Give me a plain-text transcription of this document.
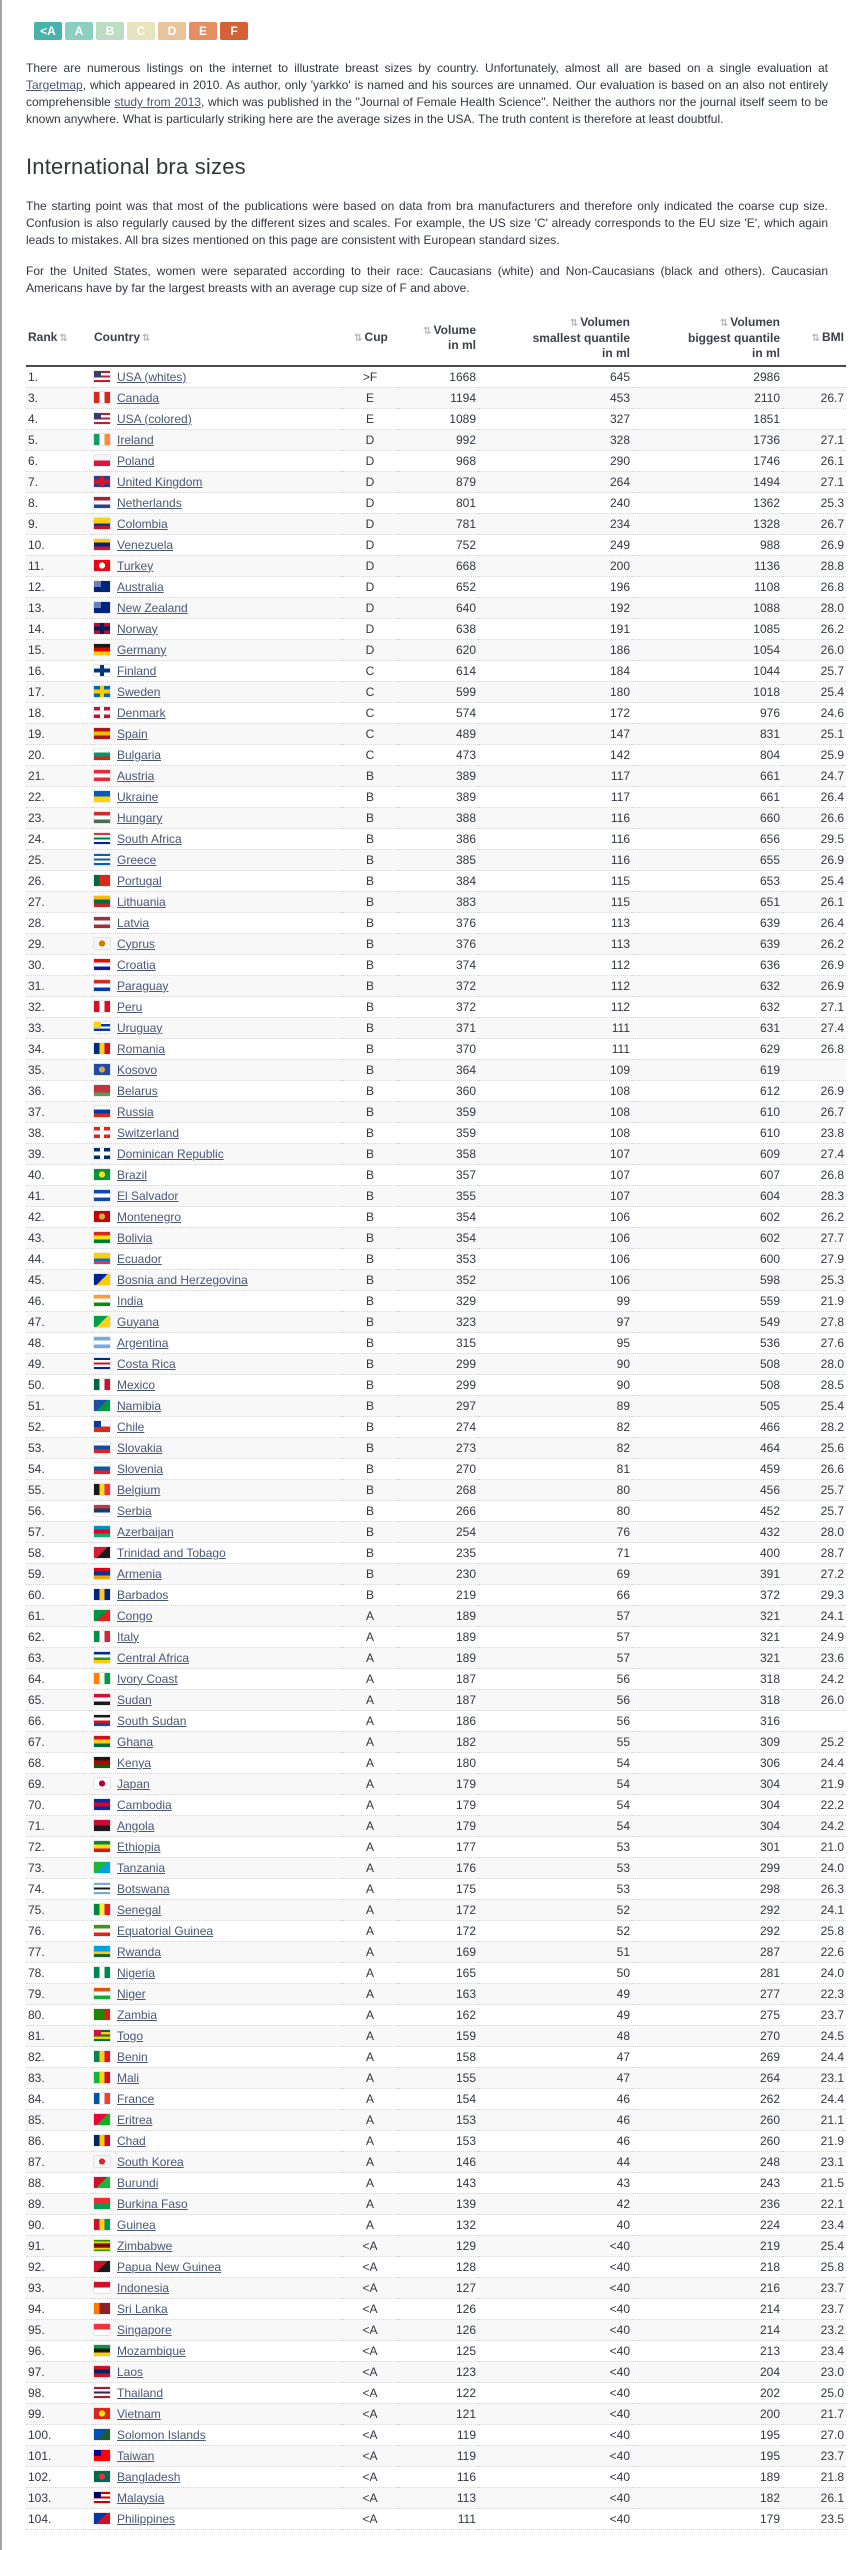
<A A B C D E F

There are numerous listings on the internet to illustrate breast sizes by country. Unfortunately, almost all are based on a single evaluation at Targetmap, which appeared in 2010. As author, only 'yarkko' is named and his sources are unnamed. Our evaluation is based on an also not entirely comprehensible study from 2013, which was published in the "Journal of Female Health Science". Neither the authors nor the journal itself seem to be known anywhere. What is particularly striking here are the average sizes in the USA. The truth content is therefore at least doubtful.

International bra sizes

The starting point was that most of the publications were based on data from bra manufacturers and therefore only indicated the coarse cup size. Confusion is also regularly caused by the different sizes and scales. For example, the US size 'C' already corresponds to the EU size 'E', which again leads to mistakes. All bra sizes mentioned on this page are consistent with European standard sizes.

For the United States, women were separated according to their race: Caucasians (white) and Non-Caucasians (black and others). Caucasian Americans have by far the largest breasts with an average cup size of F and above.

Rank ⇅	Country ⇅	⇅ Cup	⇅ Volume
in ml	⇅ Volumen
smallest quantile
in ml	⇅ Volumen
biggest quantile
in ml	⇅ BMI
1.	USA (whites)	>F	1668	645	2986	
3.	Canada	E	1194	453	2110	26.7
4.	USA (colored)	E	1089	327	1851	
5.	Ireland	D	992	328	1736	27.1
6.	Poland	D	968	290	1746	26.1
7.	United Kingdom	D	879	264	1494	27.1
8.	Netherlands	D	801	240	1362	25.3
9.	Colombia	D	781	234	1328	26.7
10.	Venezuela	D	752	249	988	26.9
11.	Turkey	D	668	200	1136	28.8
12.	Australia	D	652	196	1108	26.8
13.	New Zealand	D	640	192	1088	28.0
14.	Norway	D	638	191	1085	26.2
15.	Germany	D	620	186	1054	26.0
16.	Finland	C	614	184	1044	25.7
17.	Sweden	C	599	180	1018	25.4
18.	Denmark	C	574	172	976	24.6
19.	Spain	C	489	147	831	25.1
20.	Bulgaria	C	473	142	804	25.9
21.	Austria	B	389	117	661	24.7
22.	Ukraine	B	389	117	661	26.4
23.	Hungary	B	388	116	660	26.6
24.	South Africa	B	386	116	656	29.5
25.	Greece	B	385	116	655	26.9
26.	Portugal	B	384	115	653	25.4
27.	Lithuania	B	383	115	651	26.1
28.	Latvia	B	376	113	639	26.4
29.	Cyprus	B	376	113	639	26.2
30.	Croatia	B	374	112	636	26.9
31.	Paraguay	B	372	112	632	26.9
32.	Peru	B	372	112	632	27.1
33.	Uruguay	B	371	111	631	27.4
34.	Romania	B	370	111	629	26.8
35.	Kosovo	B	364	109	619	
36.	Belarus	B	360	108	612	26.9
37.	Russia	B	359	108	610	26.7
38.	Switzerland	B	359	108	610	23.8
39.	Dominican Republic	B	358	107	609	27.4
40.	Brazil	B	357	107	607	26.8
41.	El Salvador	B	355	107	604	28.3
42.	Montenegro	B	354	106	602	26.2
43.	Bolivia	B	354	106	602	27.7
44.	Ecuador	B	353	106	600	27.9
45.	Bosnia and Herzegovina	B	352	106	598	25.3
46.	India	B	329	99	559	21.9
47.	Guyana	B	323	97	549	27.8
48.	Argentina	B	315	95	536	27.6
49.	Costa Rica	B	299	90	508	28.0
50.	Mexico	B	299	90	508	28.5
51.	Namibia	B	297	89	505	25.4
52.	Chile	B	274	82	466	28.2
53.	Slovakia	B	273	82	464	25.6
54.	Slovenia	B	270	81	459	26.6
55.	Belgium	B	268	80	456	25.7
56.	Serbia	B	266	80	452	25.7
57.	Azerbaijan	B	254	76	432	28.0
58.	Trinidad and Tobago	B	235	71	400	28.7
59.	Armenia	B	230	69	391	27.2
60.	Barbados	B	219	66	372	29.3
61.	Congo	A	189	57	321	24.1
62.	Italy	A	189	57	321	24.9
63.	Central Africa	A	189	57	321	23.6
64.	Ivory Coast	A	187	56	318	24.2
65.	Sudan	A	187	56	318	26.0
66.	South Sudan	A	186	56	316	
67.	Ghana	A	182	55	309	25.2
68.	Kenya	A	180	54	306	24.4
69.	Japan	A	179	54	304	21.9
70.	Cambodia	A	179	54	304	22.2
71.	Angola	A	179	54	304	24.2
72.	Ethiopia	A	177	53	301	21.0
73.	Tanzania	A	176	53	299	24.0
74.	Botswana	A	175	53	298	26.3
75.	Senegal	A	172	52	292	24.1
76.	Equatorial Guinea	A	172	52	292	25.8
77.	Rwanda	A	169	51	287	22.6
78.	Nigeria	A	165	50	281	24.0
79.	Niger	A	163	49	277	22.3
80.	Zambia	A	162	49	275	23.7
81.	Togo	A	159	48	270	24.5
82.	Benin	A	158	47	269	24.4
83.	Mali	A	155	47	264	23.1
84.	France	A	154	46	262	24.4
85.	Eritrea	A	153	46	260	21.1
86.	Chad	A	153	46	260	21.9
87.	South Korea	A	146	44	248	23.1
88.	Burundi	A	143	43	243	21.5
89.	Burkina Faso	A	139	42	236	22.1
90.	Guinea	A	132	40	224	23.4
91.	Zimbabwe	<A	129	<40	219	25.4
92.	Papua New Guinea	<A	128	<40	218	25.8
93.	Indonesia	<A	127	<40	216	23.7
94.	Sri Lanka	<A	126	<40	214	23.7
95.	Singapore	<A	126	<40	214	23.2
96.	Mozambique	<A	125	<40	213	23.4
97.	Laos	<A	123	<40	204	23.0
98.	Thailand	<A	122	<40	202	25.0
99.	Vietnam	<A	121	<40	200	21.7
100.	Solomon Islands	<A	119	<40	195	27.0
101.	Taiwan	<A	119	<40	195	23.7
102.	Bangladesh	<A	116	<40	189	21.8
103.	Malaysia	<A	113	<40	182	26.1
104.	Philippines	<A	111	<40	179	23.5
